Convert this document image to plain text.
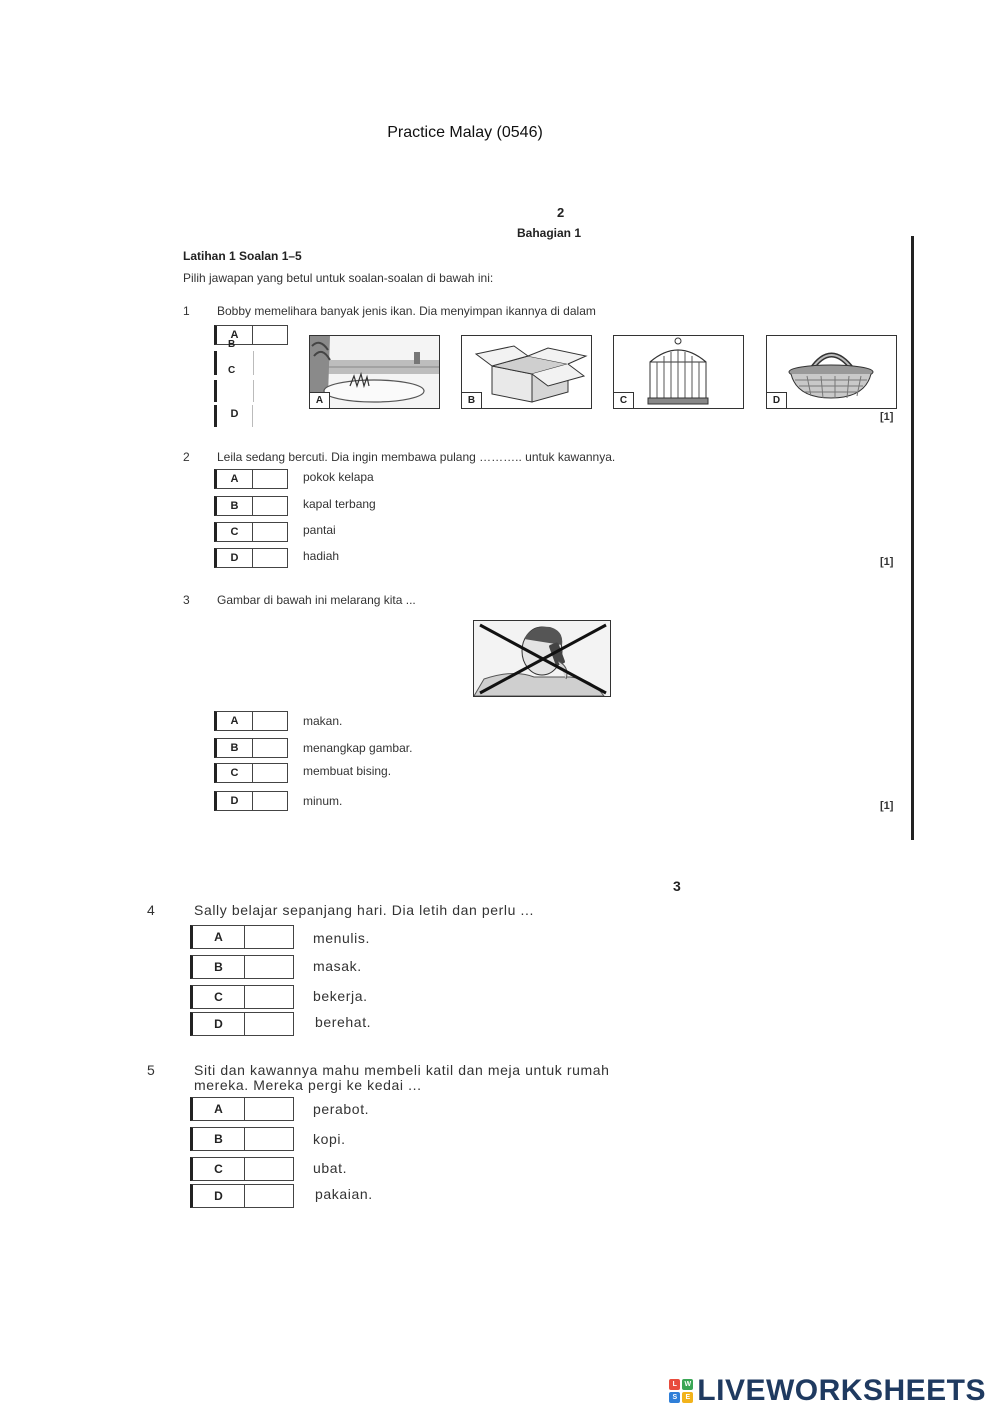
Practice Malay (0546)
2
Bahagian 1
Latihan 1 Soalan 1–5
Pilih jawapan yang betul untuk soalan-soalan di bawah ini:
1 Bobby memelihara banyak jenis ikan. Dia menyimpan ikannya di dalam
A
B
C
D
A	B	C	D
[1]
2 Leila sedang bercuti. Dia ingin membawa pulang ……….. untuk kawannya.
A	pokok kelapa
B	kapal terbang
C	pantai
D	hadiah	[1]
3 Gambar di bawah ini melarang kita ...
A	makan.
B	menangkap gambar.
C	membuat bising.
D	minum.	[1]
3
4	Sally belajar sepanjang hari. Dia letih dan perlu ...
A	menulis.
B	masak.
C	bekerja.
D	berehat.
5	Siti dan kawannya mahu membeli katil dan meja untuk rumah
mereka. Mereka pergi ke kedai ...
A	perabot.
B	kopi.
C	ubat.
D	pakaian.
L	W
S	E LIVEWORKSHEETS
